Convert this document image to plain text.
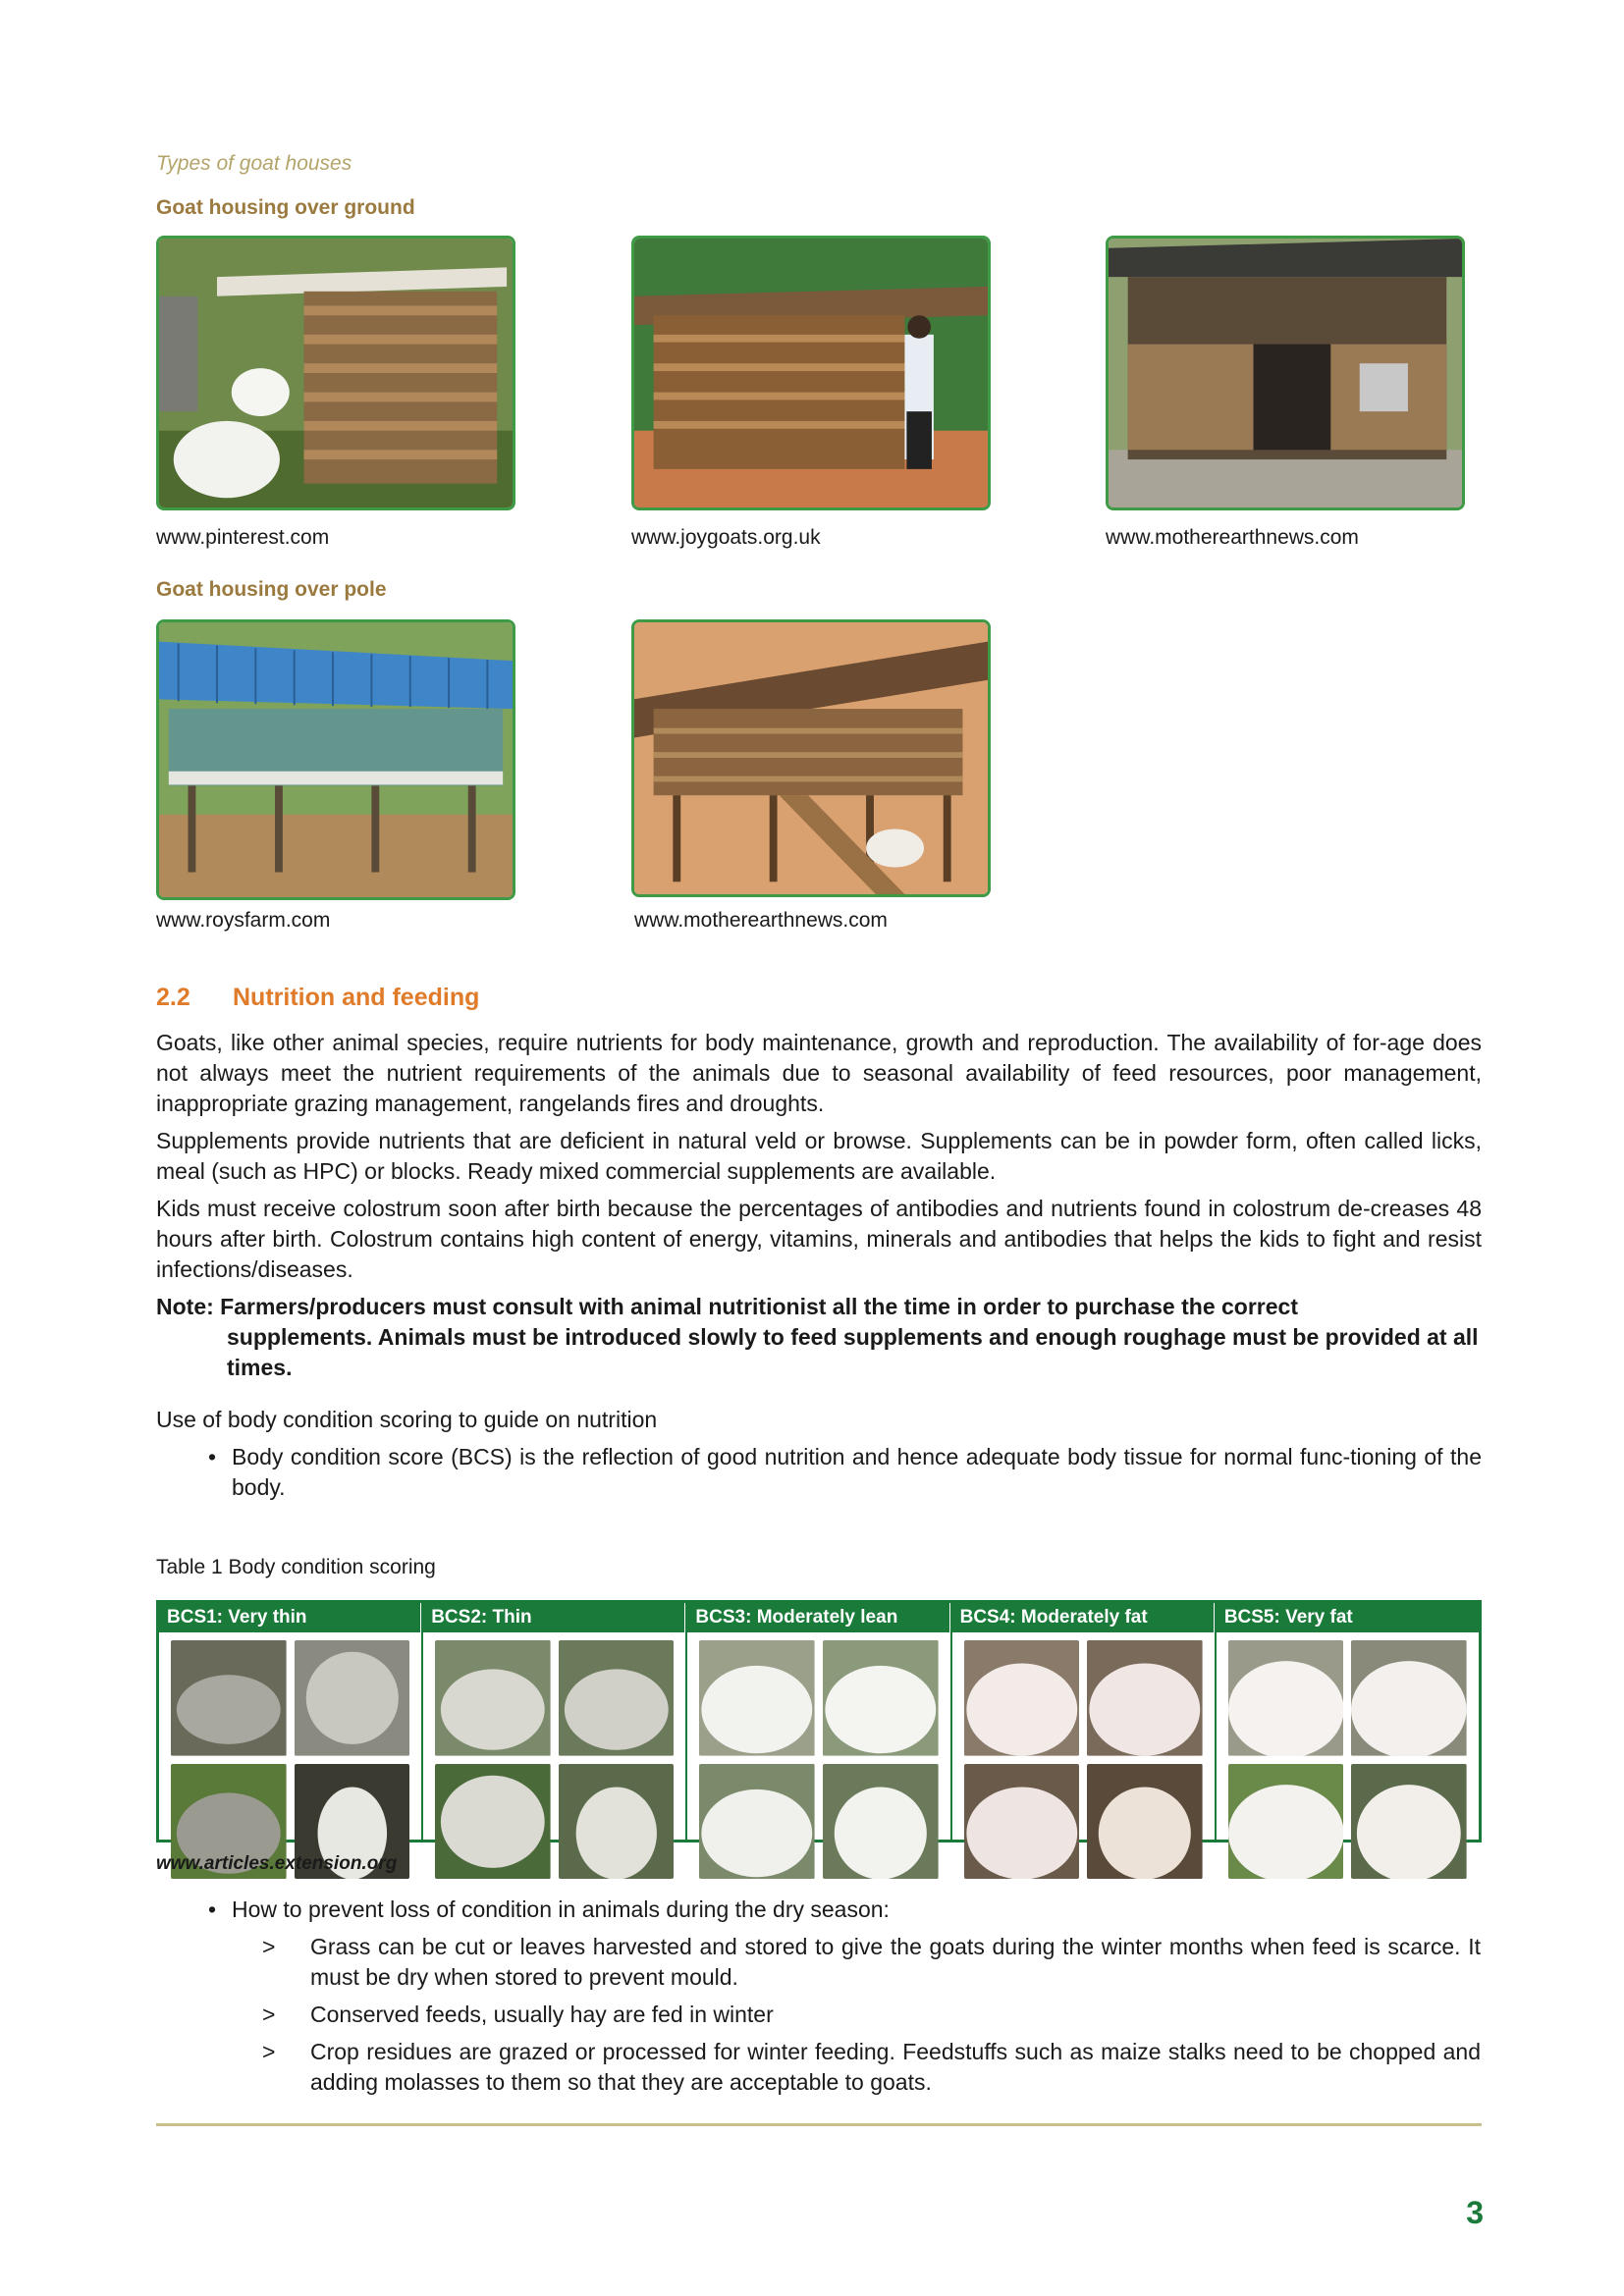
Types of goat houses
Goat housing over ground
www.pinterest.com	www.joygoats.org.uk	www.motherearthnews.com
Goat housing over pole
www.roysfarm.com	www.motherearthnews.com
2.2 Nutrition and feeding
Goats, like other animal species, require nutrients for body maintenance, growth and reproduction. The availability of for-age does not always meet the nutrient requirements of the animals due to seasonal availability of feed resources, poor management, inappropriate grazing management, rangelands fires and droughts.
Supplements provide nutrients that are deficient in natural veld or browse. Supplements can be in powder form, often called licks, meal (such as HPC) or blocks. Ready mixed commercial supplements are available.
Kids must receive colostrum soon after birth because the percentages of antibodies and nutrients found in colostrum de-creases 48 hours after birth. Colostrum contains high content of energy, vitamins, minerals and antibodies that helps the kids to fight and resist infections/diseases.
Note: Farmers/producers must consult with animal nutritionist all the time in order to purchase the correct
supplements. Animals must be introduced slowly to feed supplements and enough roughage must be provided at all times.
Use of body condition scoring to guide on nutrition
• Body condition score (BCS) is the reflection of good nutrition and hence adequate body tissue for normal func-tioning of the body.
Table 1 Body condition scoring
BCS1: Very thin	BCS2: Thin	BCS3: Moderately lean	BCS4: Moderately fat	BCS5: Very fat
www.articles.extension.org
• How to prevent loss of condition in animals during the dry season:
> Grass can be cut or leaves harvested and stored to give the goats during the winter months when feed is scarce. It must be dry when stored to prevent mould.
> Conserved feeds, usually hay are fed in winter
> Crop residues are grazed or processed for winter feeding. Feedstuffs such as maize stalks need to be chopped and adding molasses to them so that they are acceptable to goats.
3
